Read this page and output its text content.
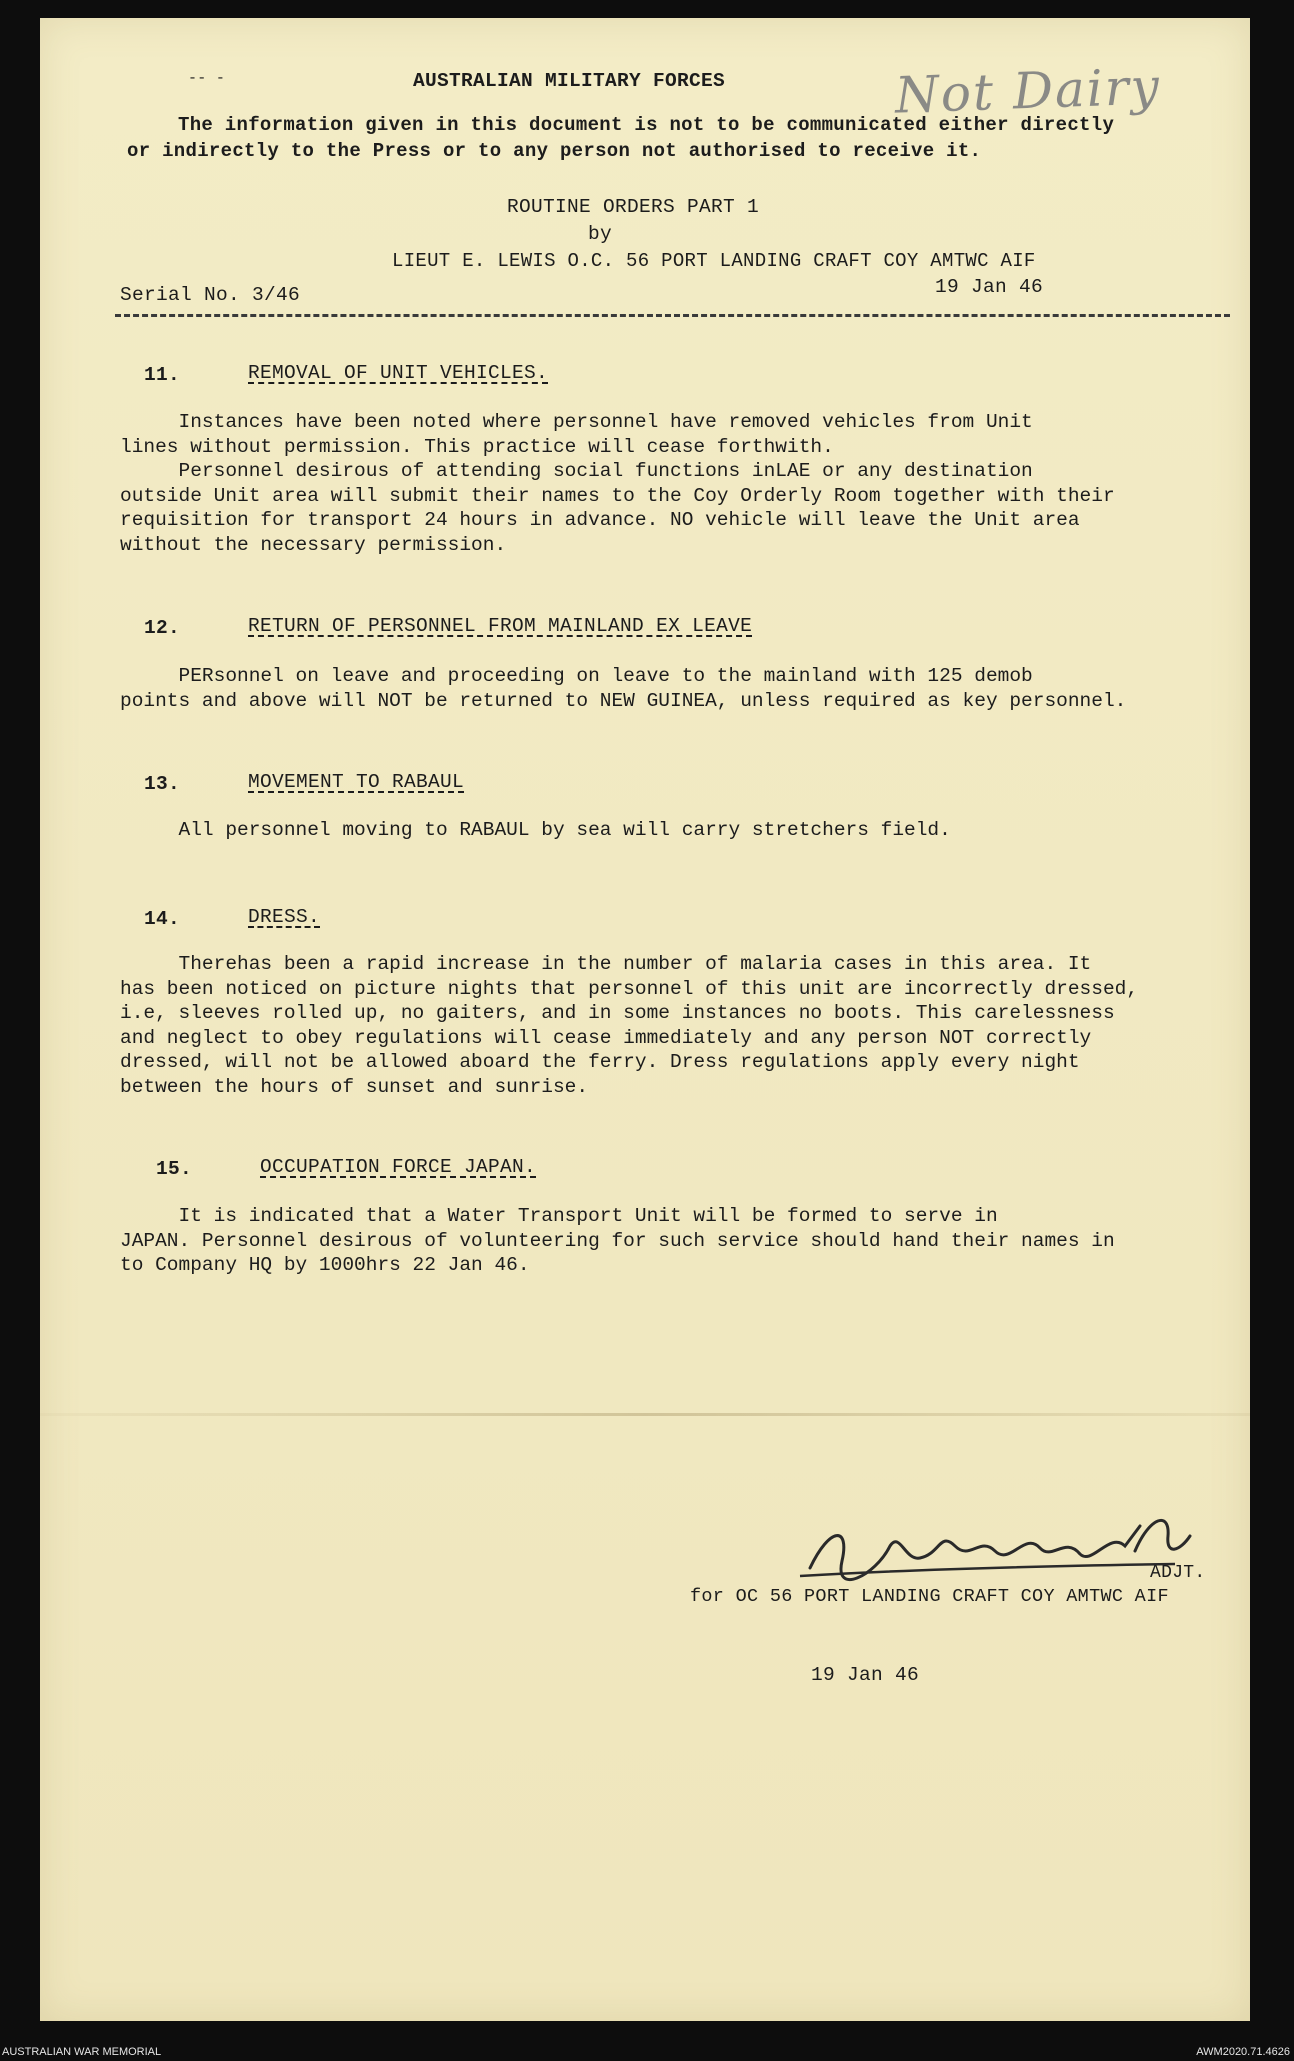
-- -	AUSTRALIAN MILITARY FORCES	Not Dairy
The information given in this document is not to be communicated either directly
or indirectly to the Press or to any person not authorised to receive it.
ROUTINE ORDERS PART 1
by
LIEUT E. LEWIS O.C. 56 PORT LANDING CRAFT COY AMTWC AIF
19 Jan 46
Serial No. 3/46
11.	REMOVAL OF UNIT VEHICLES.
Instances have been noted where personnel have removed vehicles from Unit
lines without permission. This practice will cease forthwith.
Personnel desirous of attending social functions inLAE or any destination
outside Unit area will submit their names to the Coy Orderly Room together with their
requisition for transport 24 hours in advance. NO vehicle will leave the Unit area
without the necessary permission.
12.	RETURN OF PERSONNEL FROM MAINLAND EX LEAVE
PERsonnel on leave and proceeding on leave to the mainland with 125 demob
points and above will NOT be returned to NEW GUINEA, unless required as key personnel.
13.	MOVEMENT TO RABAUL
All personnel moving to RABAUL by sea will carry stretchers field.
14.	DRESS.
Therehas been a rapid increase in the number of malaria cases in this area. It
has been noticed on picture nights that personnel of this unit are incorrectly dressed,
i.e, sleeves rolled up, no gaiters, and in some instances no boots. This carelessness
and neglect to obey regulations will cease immediately and any person NOT correctly
dressed, will not be allowed aboard the ferry. Dress regulations apply every night
between the hours of sunset and sunrise.
15.	OCCUPATION FORCE JAPAN.
It is indicated that a Water Transport Unit will be formed to serve in
JAPAN. Personnel desirous of volunteering for such service should hand their names in
to Company HQ by 1000hrs 22 Jan 46.
ADJT.
for OC 56 PORT LANDING CRAFT COY AMTWC AIF
19 Jan 46
AUSTRALIAN WAR MEMORIAL	AWM2020.71.4626
